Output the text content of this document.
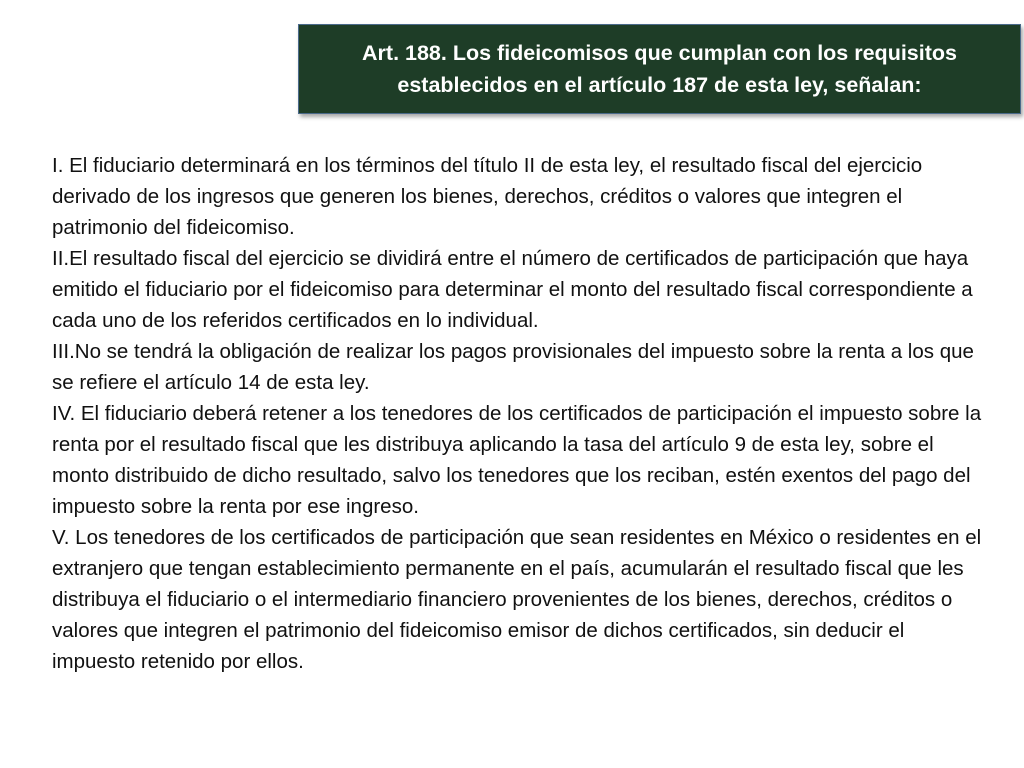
Art. 188. Los fideicomisos que cumplan con los requisitos establecidos en el artículo 187 de esta ley, señalan:

I. El fiduciario determinará en los términos del título II de esta ley, el resultado fiscal del ejercicio derivado de los ingresos que generen los bienes, derechos, créditos o valores que integren el patrimonio del fideicomiso.

II.El resultado fiscal del ejercicio se dividirá entre el número de certificados de participación que haya emitido el fiduciario por el fideicomiso para determinar el monto del resultado fiscal correspondiente a cada uno de los referidos certificados en lo individual.

III.No se tendrá la obligación de realizar los pagos provisionales del impuesto sobre la renta a los que se refiere el artículo 14 de esta ley.

IV. El fiduciario deberá retener a los tenedores de los certificados de participación el impuesto sobre la renta por el resultado fiscal que les distribuya aplicando la tasa del artículo 9 de esta ley, sobre el monto distribuido de dicho resultado, salvo los tenedores que los reciban, estén exentos del pago del impuesto sobre la renta por ese ingreso.

V. Los tenedores de los certificados de participación que sean residentes en México o residentes en el extranjero que tengan establecimiento permanente en el país, acumularán el resultado fiscal que les distribuya el fiduciario o el intermediario financiero provenientes de los bienes, derechos, créditos o valores que integren el patrimonio del fideicomiso emisor de dichos certificados, sin deducir el impuesto retenido por ellos.
